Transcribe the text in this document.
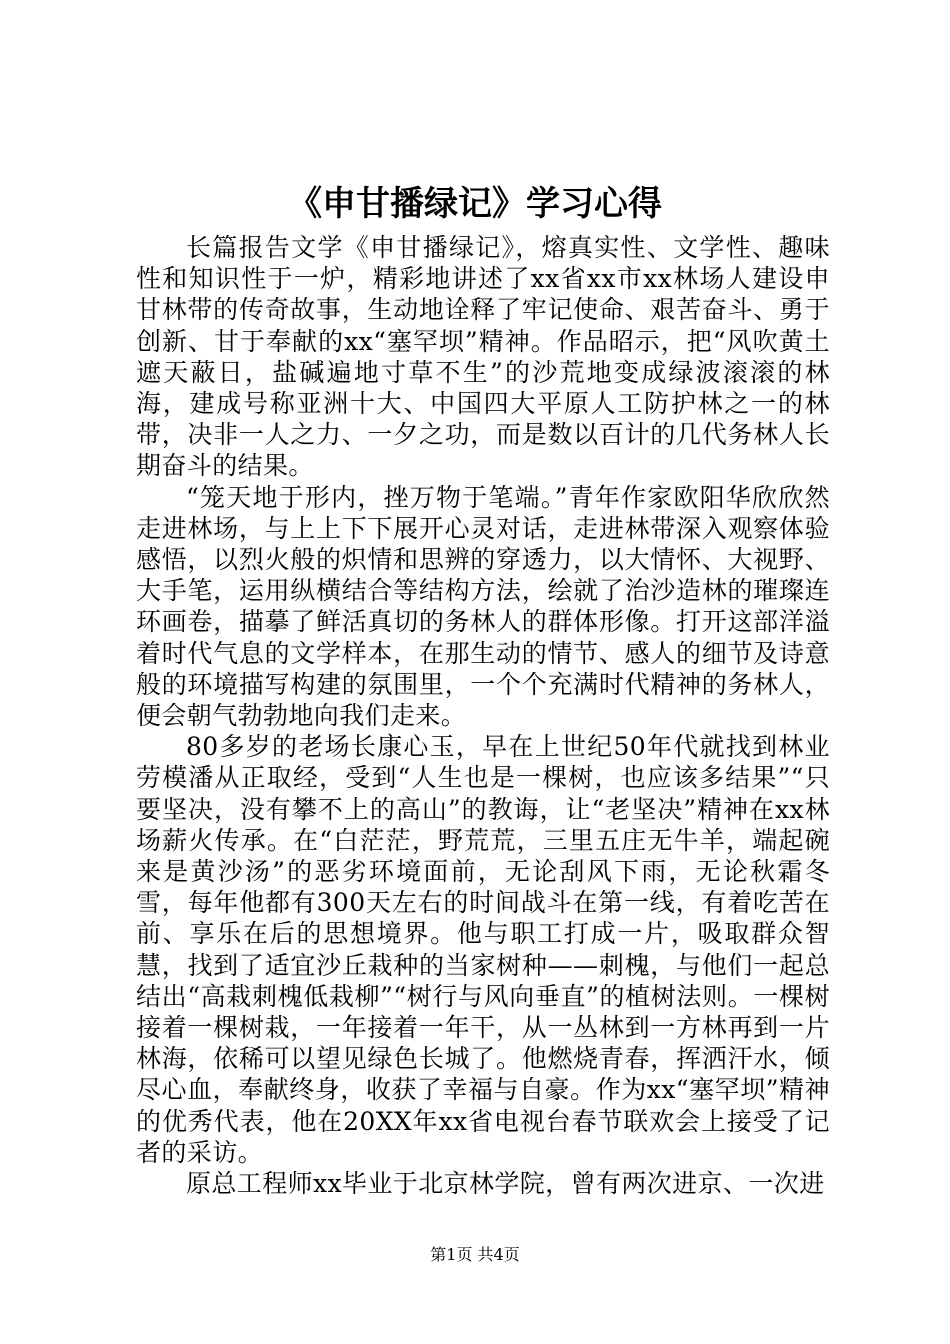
《申甘播绿记》学习心得

长篇报告文学《申甘播绿记》，熔真实性、文学性、趣味性和知识性于一炉，精彩地讲述了xx省xx市xx林场人建设申甘林带的传奇故事，生动地诠释了牢记使命、艰苦奋斗、勇于创新、甘于奉献的xx“塞罕坝”精神。作品昭示，把“风吹黄土遮天蔽日，盐碱遍地寸草不生”的沙荒地变成绿波滚滚的林海，建成号称亚洲十大、中国四大平原人工防护林之一的林带，决非一人之力、一夕之功，而是数以百计的几代务林人长期奋斗的结果。

“笼天地于形内，挫万物于笔端。”青年作家欧阳华欣欣然走进林场，与上上下下展开心灵对话，走进林带深入观察体验感悟，以烈火般的炽情和思辨的穿透力，以大情怀、大视野、大手笔，运用纵横结合等结构方法，绘就了治沙造林的璀璨连环画卷，描摹了鲜活真切的务林人的群体形像。打开这部洋溢着时代气息的文学样本，在那生动的情节、感人的细节及诗意般的环境描写构建的氛围里，一个个充满时代精神的务林人，便会朝气勃勃地向我们走来。

80多岁的老场长康心玉，早在上世纪50年代就找到林业劳模潘从正取经，受到“人生也是一棵树，也应该多结果”“只要坚决，没有攀不上的高山”的教诲，让“老坚决”精神在xx林场薪火传承。在“白茫茫，野荒荒，三里五庄无牛羊，端起碗来是黄沙汤”的恶劣环境面前，无论刮风下雨，无论秋霜冬雪，每年他都有300天左右的时间战斗在第一线，有着吃苦在前、享乐在后的思想境界。他与职工打成一片，吸取群众智慧，找到了适宜沙丘栽种的当家树种——刺槐，与他们一起总结出“高栽刺槐低栽柳”“树行与风向垂直”的植树法则。一棵树接着一棵树栽，一年接着一年干，从一丛林到一方林再到一片林海，依稀可以望见绿色长城了。他燃烧青春，挥洒汗水，倾尽心血，奉献终身，收获了幸福与自豪。作为xx“塞罕坝”精神的优秀代表，他在20XX年xx省电视台春节联欢会上接受了记者的采访。

原总工程师xx毕业于北京林学院，曾有两次进京、一次进

第1页 共4页
